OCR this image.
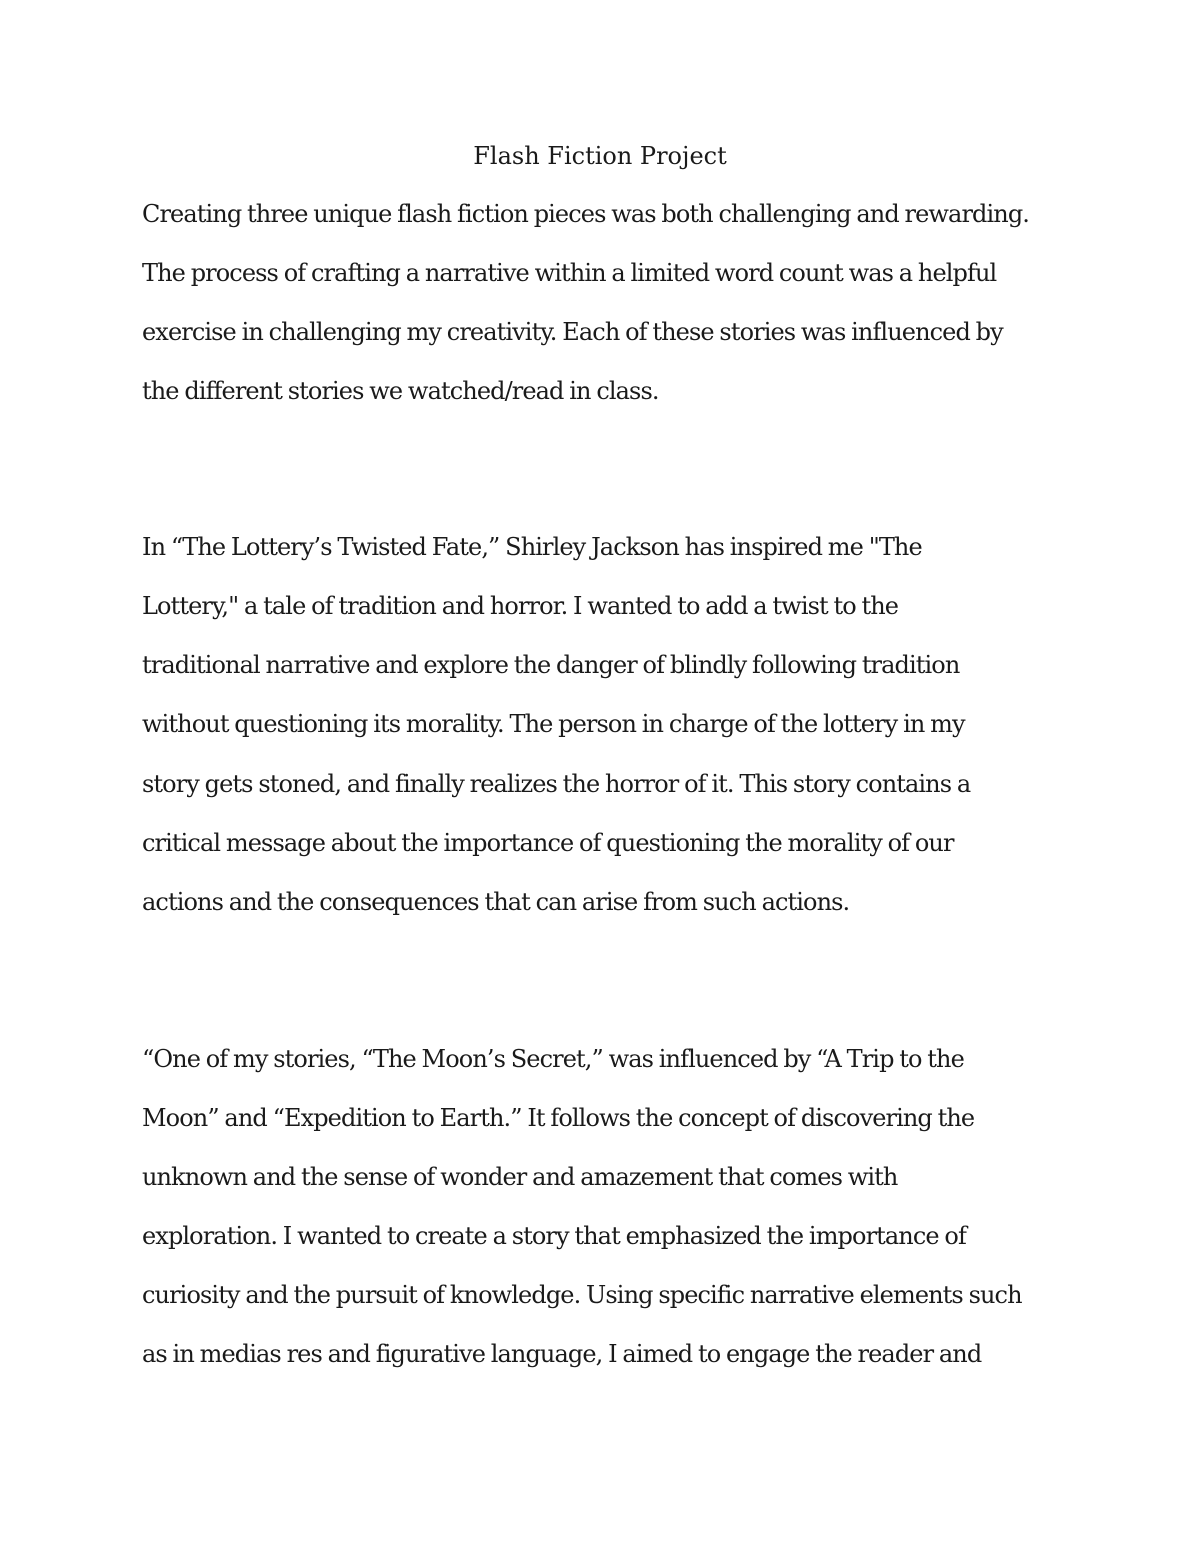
Flash Fiction Project

Creating three unique flash fiction pieces was both challenging and rewarding.

The process of crafting a narrative within a limited word count was a helpful

exercise in challenging my creativity. Each of these stories was influenced by

the different stories we watched/read in class.

In “The Lottery’s Twisted Fate,” Shirley Jackson has inspired me "The

Lottery," a tale of tradition and horror. I wanted to add a twist to the

traditional narrative and explore the danger of blindly following tradition

without questioning its morality. The person in charge of the lottery in my

story gets stoned, and finally realizes the horror of it. This story contains a

critical message about the importance of questioning the morality of our

actions and the consequences that can arise from such actions.

“One of my stories, “The Moon’s Secret,” was influenced by “A Trip to the

Moon” and “Expedition to Earth.” It follows the concept of discovering the

unknown and the sense of wonder and amazement that comes with

exploration. I wanted to create a story that emphasized the importance of

curiosity and the pursuit of knowledge. Using specific narrative elements such

as in medias res and figurative language, I aimed to engage the reader and
